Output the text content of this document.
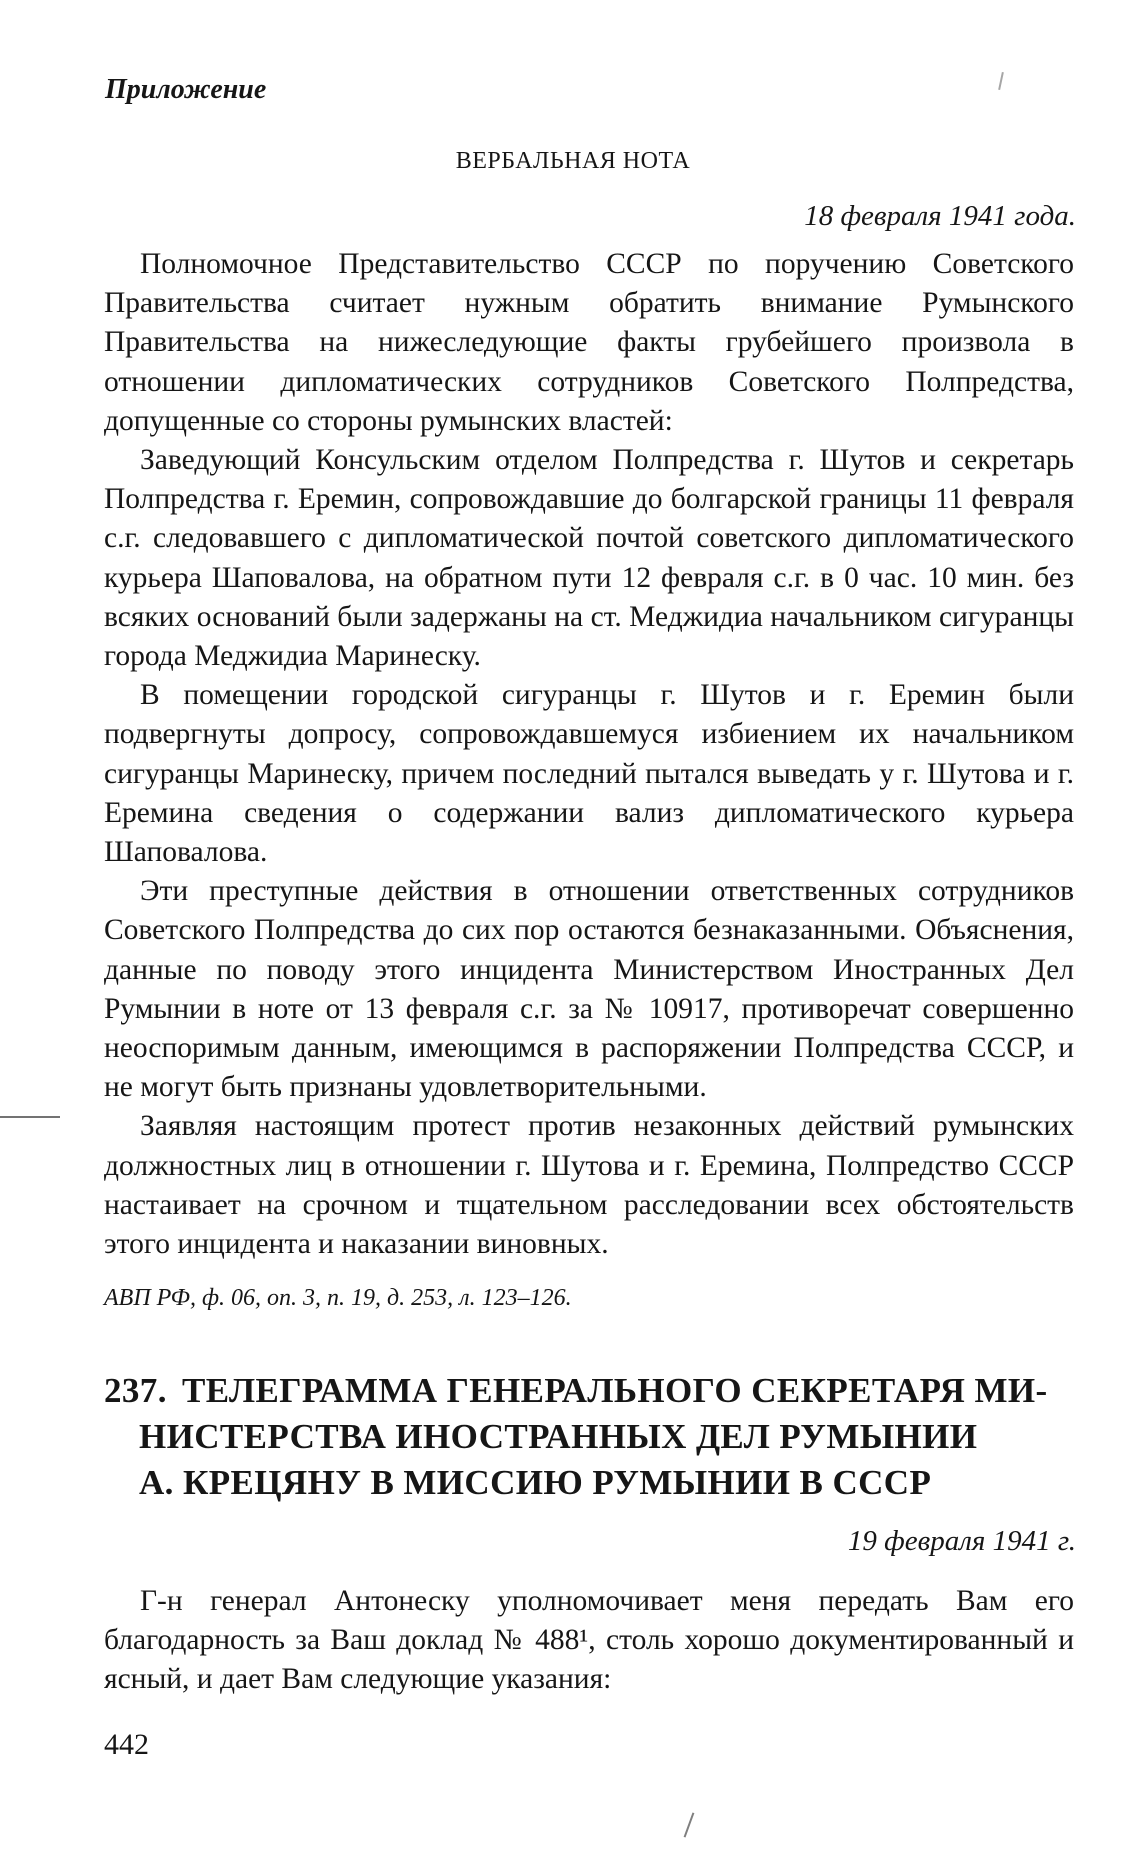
Приложение

ВЕРБАЛЬНАЯ НОТА

18 февраля 1941 года.

Полномочное Представительство СССР по поручению Советского Правительства считает нужным обратить внимание Румынского Правительства на нижеследующие факты грубейшего произвола в отношении дипломатических сотрудников Советского Полпредства, допущенные со стороны румынских властей:

Заведующий Консульским отделом Полпредства г. Шутов и секретарь Полпредства г. Еремин, сопровождавшие до болгарской границы 11 февраля с.г. следовавшего с дипломатической почтой советского дипломатического курьера Шаповалова, на обратном пути 12 февраля с.г. в 0 час. 10 мин. без всяких оснований были задержаны на ст. Меджидиа начальником сигуранцы города Меджидиа Маринеску.

В помещении городской сигуранцы г. Шутов и г. Еремин были подвергнуты допросу, сопровождавшемуся избиением их начальником сигуранцы Маринеску, причем последний пытался выведать у г. Шутова и г. Еремина сведения о содержании вализ дипломатического курьера Шаповалова.

Эти преступные действия в отношении ответственных сотрудников Советского Полпредства до сих пор остаются безнаказанными. Объяснения, данные по поводу этого инцидента Министерством Иностранных Дел Румынии в ноте от 13 февраля с.г. за № 10917, противоречат совершенно неоспоримым данным, имеющимся в распоряжении Полпредства СССР, и не могут быть признаны удовлетворительными.

Заявляя настоящим протест против незаконных действий румынских должностных лиц в отношении г. Шутова и г. Еремина, Полпредство СССР настаивает на срочном и тщательном расследовании всех обстоятельств этого инцидента и наказании виновных.

АВП РФ, ф. 06, оп. 3, п. 19, д. 253, л. 123–126.

237. ТЕЛЕГРАММА ГЕНЕРАЛЬНОГО СЕКРЕТАРЯ МИ-
НИСТЕРСТВА ИНОСТРАННЫХ ДЕЛ РУМЫНИИ
А. КРЕЦЯНУ В МИССИЮ РУМЫНИИ В СССР

19 февраля 1941 г.

Г-н генерал Антонеску уполномочивает меня передать Вам его благодарность за Ваш доклад № 488¹, столь хорошо документированный и ясный, и дает Вам следующие указания:

442
